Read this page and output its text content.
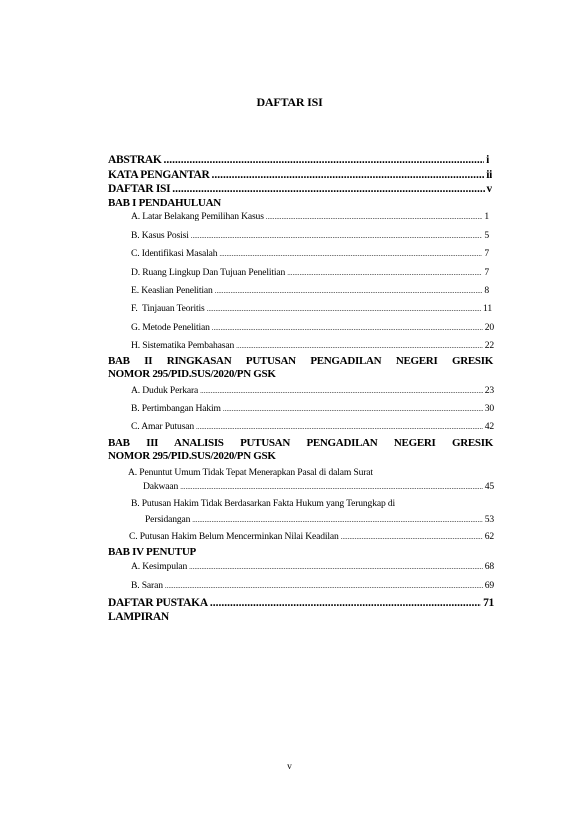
DAFTAR ISI
ABSTRAK .....	i
KATA PENGANTAR .....	ii
DAFTAR ISI .....	v
BAB I PENDAHULUAN
A. Latar Belakang Pemilihan Kasus .....	1
B. Kasus Posisi .....	5
C. Identifikasi Masalah .....	7
D. Ruang Lingkup Dan Tujuan Penelitian .....	7
E. Keaslian Penelitian .....	8
F.  Tinjauan Teoritis .....	11
G. Metode Penelitian .....	20
H. Sistematika Pembahasan .....	22
BAB II RINGKASAN PUTUSAN PENGADILAN NEGERI GRESIK
NOMOR 295/PID.SUS/2020/PN GSK
A. Duduk Perkara .....	23
B. Pertimbangan Hakim .....	30
C. Amar Putusan .....	42
BAB III ANALISIS PUTUSAN PENGADILAN NEGERI GRESIK
NOMOR 295/PID.SUS/2020/PN GSK
A. Penuntut Umum Tidak Tepat Menerapkan Pasal di dalam Surat
Dakwaan .....	45
B. Putusan Hakim Tidak Berdasarkan Fakta Hukum yang Terungkap di
Persidangan .....	53
C. Putusan Hakim Belum Mencerminkan Nilai Keadilan .....	62
BAB IV PENUTUP
A. Kesimpulan .....	68
B. Saran .....	69
DAFTAR PUSTAKA .....	71
LAMPIRAN
v
